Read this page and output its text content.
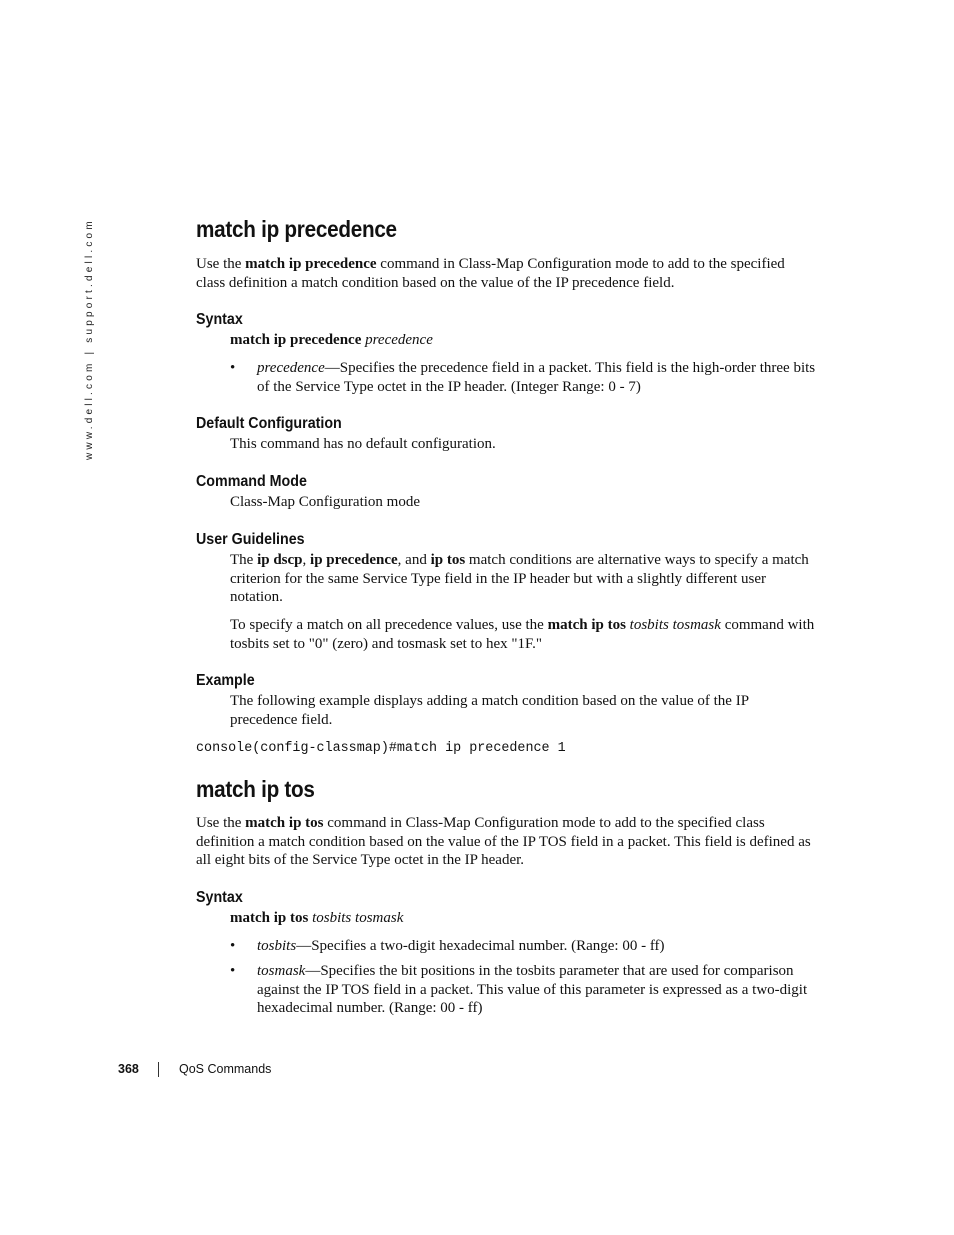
www.dell.com | support.dell.com	match ip precedence

Use the match ip precedence command in Class-Map Configuration mode to add to the specified class definition a match condition based on the value of the IP precedence field.

Syntax

match ip precedence precedence

• precedence—Specifies the precedence field in a packet. This field is the high-order three bits of the Service Type octet in the IP header. (Integer Range: 0 - 7)
Default Configuration

This command has no default configuration.

Command Mode

Class-Map Configuration mode

User Guidelines

The ip dscp, ip precedence, and ip tos match conditions are alternative ways to specify a match criterion for the same Service Type field in the IP header but with a slightly different user notation.

To specify a match on all precedence values, use the match ip tos tosbits tosmask command with tosbits set to "0" (zero) and tosmask set to hex "1F."

Example

The following example displays adding a match condition based on the value of the IP precedence field.

console(config-classmap)#match ip precedence 1
match ip tos

Use the match ip tos command in Class-Map Configuration mode to add to the specified class definition a match condition based on the value of the IP TOS field in a packet. This field is defined as all eight bits of the Service Type octet in the IP header.

Syntax

match ip tos tosbits tosmask

• tosbits—Specifies a two-digit hexadecimal number. (Range: 00 - ff)
• tosmask—Specifies the bit positions in the tosbits parameter that are used for comparison against the IP TOS field in a packet. This value of this parameter is expressed as a two-digit hexadecimal number. (Range: 00 - ff)
368	QoS Commands
